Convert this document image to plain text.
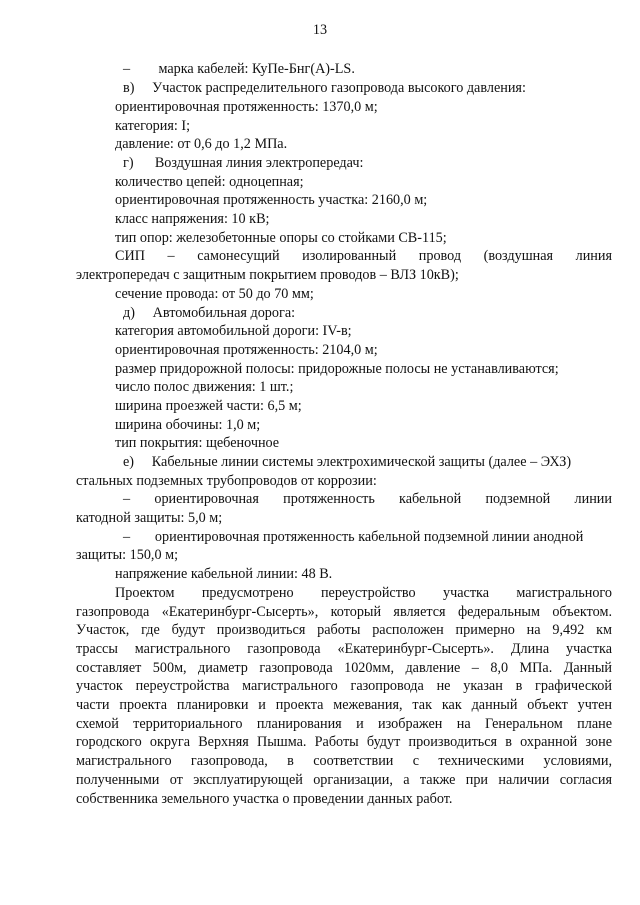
13
–        марка кабелей: КуПе-Бнг(А)-LS.
в)     Участок распределительного газопровода высокого давления:
ориентировочная протяженность: 1370,0 м;
категория: I;
давление: от 0,6 до 1,2 МПа.
г)      Воздушная линия электропередач:
количество цепей: одноцепная;
ориентировочная протяженность участка: 2160,0 м;
класс напряжения: 10 кВ;
тип опор: железобетонные опоры со стойками СВ-115;
СИП – самонесущий изолированный провод (воздушная линия
электропередач с защитным покрытием проводов – ВЛЗ 10кВ);
сечение провода: от 50 до 70 мм;
д)     Автомобильная дорога:
категория автомобильной дороги: IV-в;
ориентировочная протяженность: 2104,0 м;
размер придорожной полосы: придорожные полосы не устанавливаются;
число полос движения: 1 шт.;
ширина проезжей части: 6,5 м;
ширина обочины: 1,0 м;
тип покрытия: щебеночное
е)     Кабельные линии системы электрохимической защиты (далее – ЭХЗ)
стальных подземных трубопроводов от коррозии:
– ориентировочная протяженность кабельной подземной линии
катодной защиты: 5,0 м;
–       ориентировочная протяженность кабельной подземной линии анодной
защиты: 150,0 м;
напряжение кабельной линии: 48 В.
Проектом предусмотрено переустройство участка магистрального
газопровода «Екатеринбург-Сысерть», который является федеральным объектом.
Участок, где будут производиться работы расположен примерно на 9,492 км
трассы магистрального газопровода «Екатеринбург-Сысерть». Длина участка
составляет 500м, диаметр газопровода 1020мм, давление – 8,0 МПа. Данный
участок переустройства магистрального газопровода не указан в графической
части проекта планировки и проекта межевания, так как данный объект учтен
схемой территориального планирования и изображен на Генеральном плане
городского округа Верхняя Пышма. Работы будут производиться в охранной зоне
магистрального газопровода, в соответствии с техническими условиями,
полученными от эксплуатирующей организации, а также при наличии согласия
собственника земельного участка о проведении данных работ.
